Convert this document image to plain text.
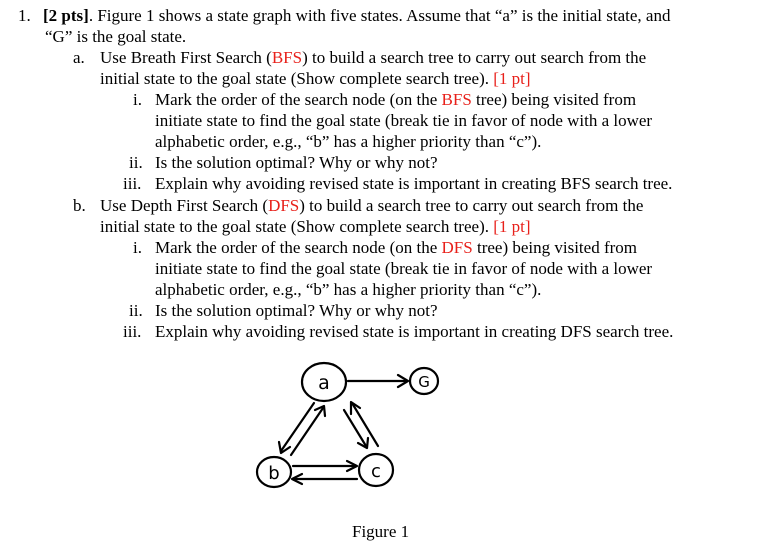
1. [2 pts]. Figure 1 shows a state graph with five states. Assume that “a” is the initial state, and
“G” is the goal state.
a. Use Breath First Search (BFS) to build a search tree to carry out search from the
initial state to the goal state (Show complete search tree). [1 pt]
i. Mark the order of the search node (on the BFS tree) being visited from
initiate state to find the goal state (break tie in favor of node with a lower
alphabetic order, e.g., “b” has a higher priority than “c”).
ii. Is the solution optimal? Why or why not?
iii. Explain why avoiding revised state is important in creating BFS search tree.
b. Use Depth First Search (DFS) to build a search tree to carry out search from the
initial state to the goal state (Show complete search tree). [1 pt]
i. Mark the order of the search node (on the DFS tree) being visited from
initiate state to find the goal state (break tie in favor of node with a lower
alphabetic order, e.g., “b” has a higher priority than “c”).
ii. Is the solution optimal? Why or why not?
iii. Explain why avoiding revised state is important in creating DFS search tree.
a	G
b	c
Figure 1
